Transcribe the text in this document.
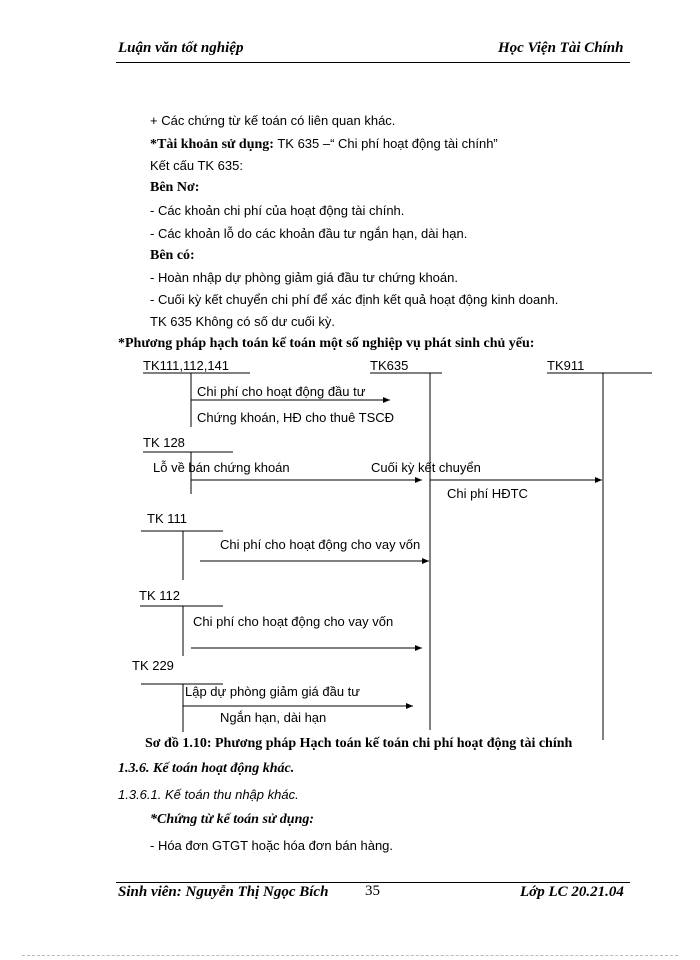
Luận văn tốt nghiệp	Học Viện Tài Chính
+ Các chứng từ kế toán có liên quan khác.
*Tài khoản sử dụng: TK 635 –“ Chi phí hoạt động tài chính”
Kết cấu TK 635:
Bên Nơ:
- Các khoản chi phí của hoạt động tài chính.
- Các khoản lỗ do các khoản đầu tư ngắn hạn, dài hạn.
Bên có:
- Hoàn nhập dự phòng giảm giá đầu tư chứng khoán.
- Cuối kỳ kết chuyển chi phí để xác định kết quả hoạt động kinh doanh.
TK 635 Không có số dư cuối kỳ.
*Phương pháp hạch toán kế toán một số nghiệp vụ phát sinh chủ yếu:
TK111,112,141	TK635	TK911
Chi phí cho hoạt động đầu tư
Chứng khoán, HĐ cho thuê TSCĐ
TK 128
Lỗ về bán chứng khoán	Cuối kỳ kết chuyển
Chi phí HĐTC
TK 111
Chi phí cho hoạt động cho vay vốn
TK 112
Chi phí cho hoạt động cho vay vốn
TK 229
Lập dự phòng giảm giá đầu tư
Ngắn hạn, dài hạn
Sơ đồ 1.10: Phương pháp Hạch toán kế toán chi phí hoạt động tài chính
1.3.6. Kế toán hoạt động khác.
1.3.6.1. Kế toán thu nhập khác.
*Chứng từ kế toán sử dụng:
- Hóa đơn GTGT hoặc hóa đơn bán hàng.
Sinh viên: Nguyễn Thị Ngọc Bích 35	Lớp LC 20.21.04
